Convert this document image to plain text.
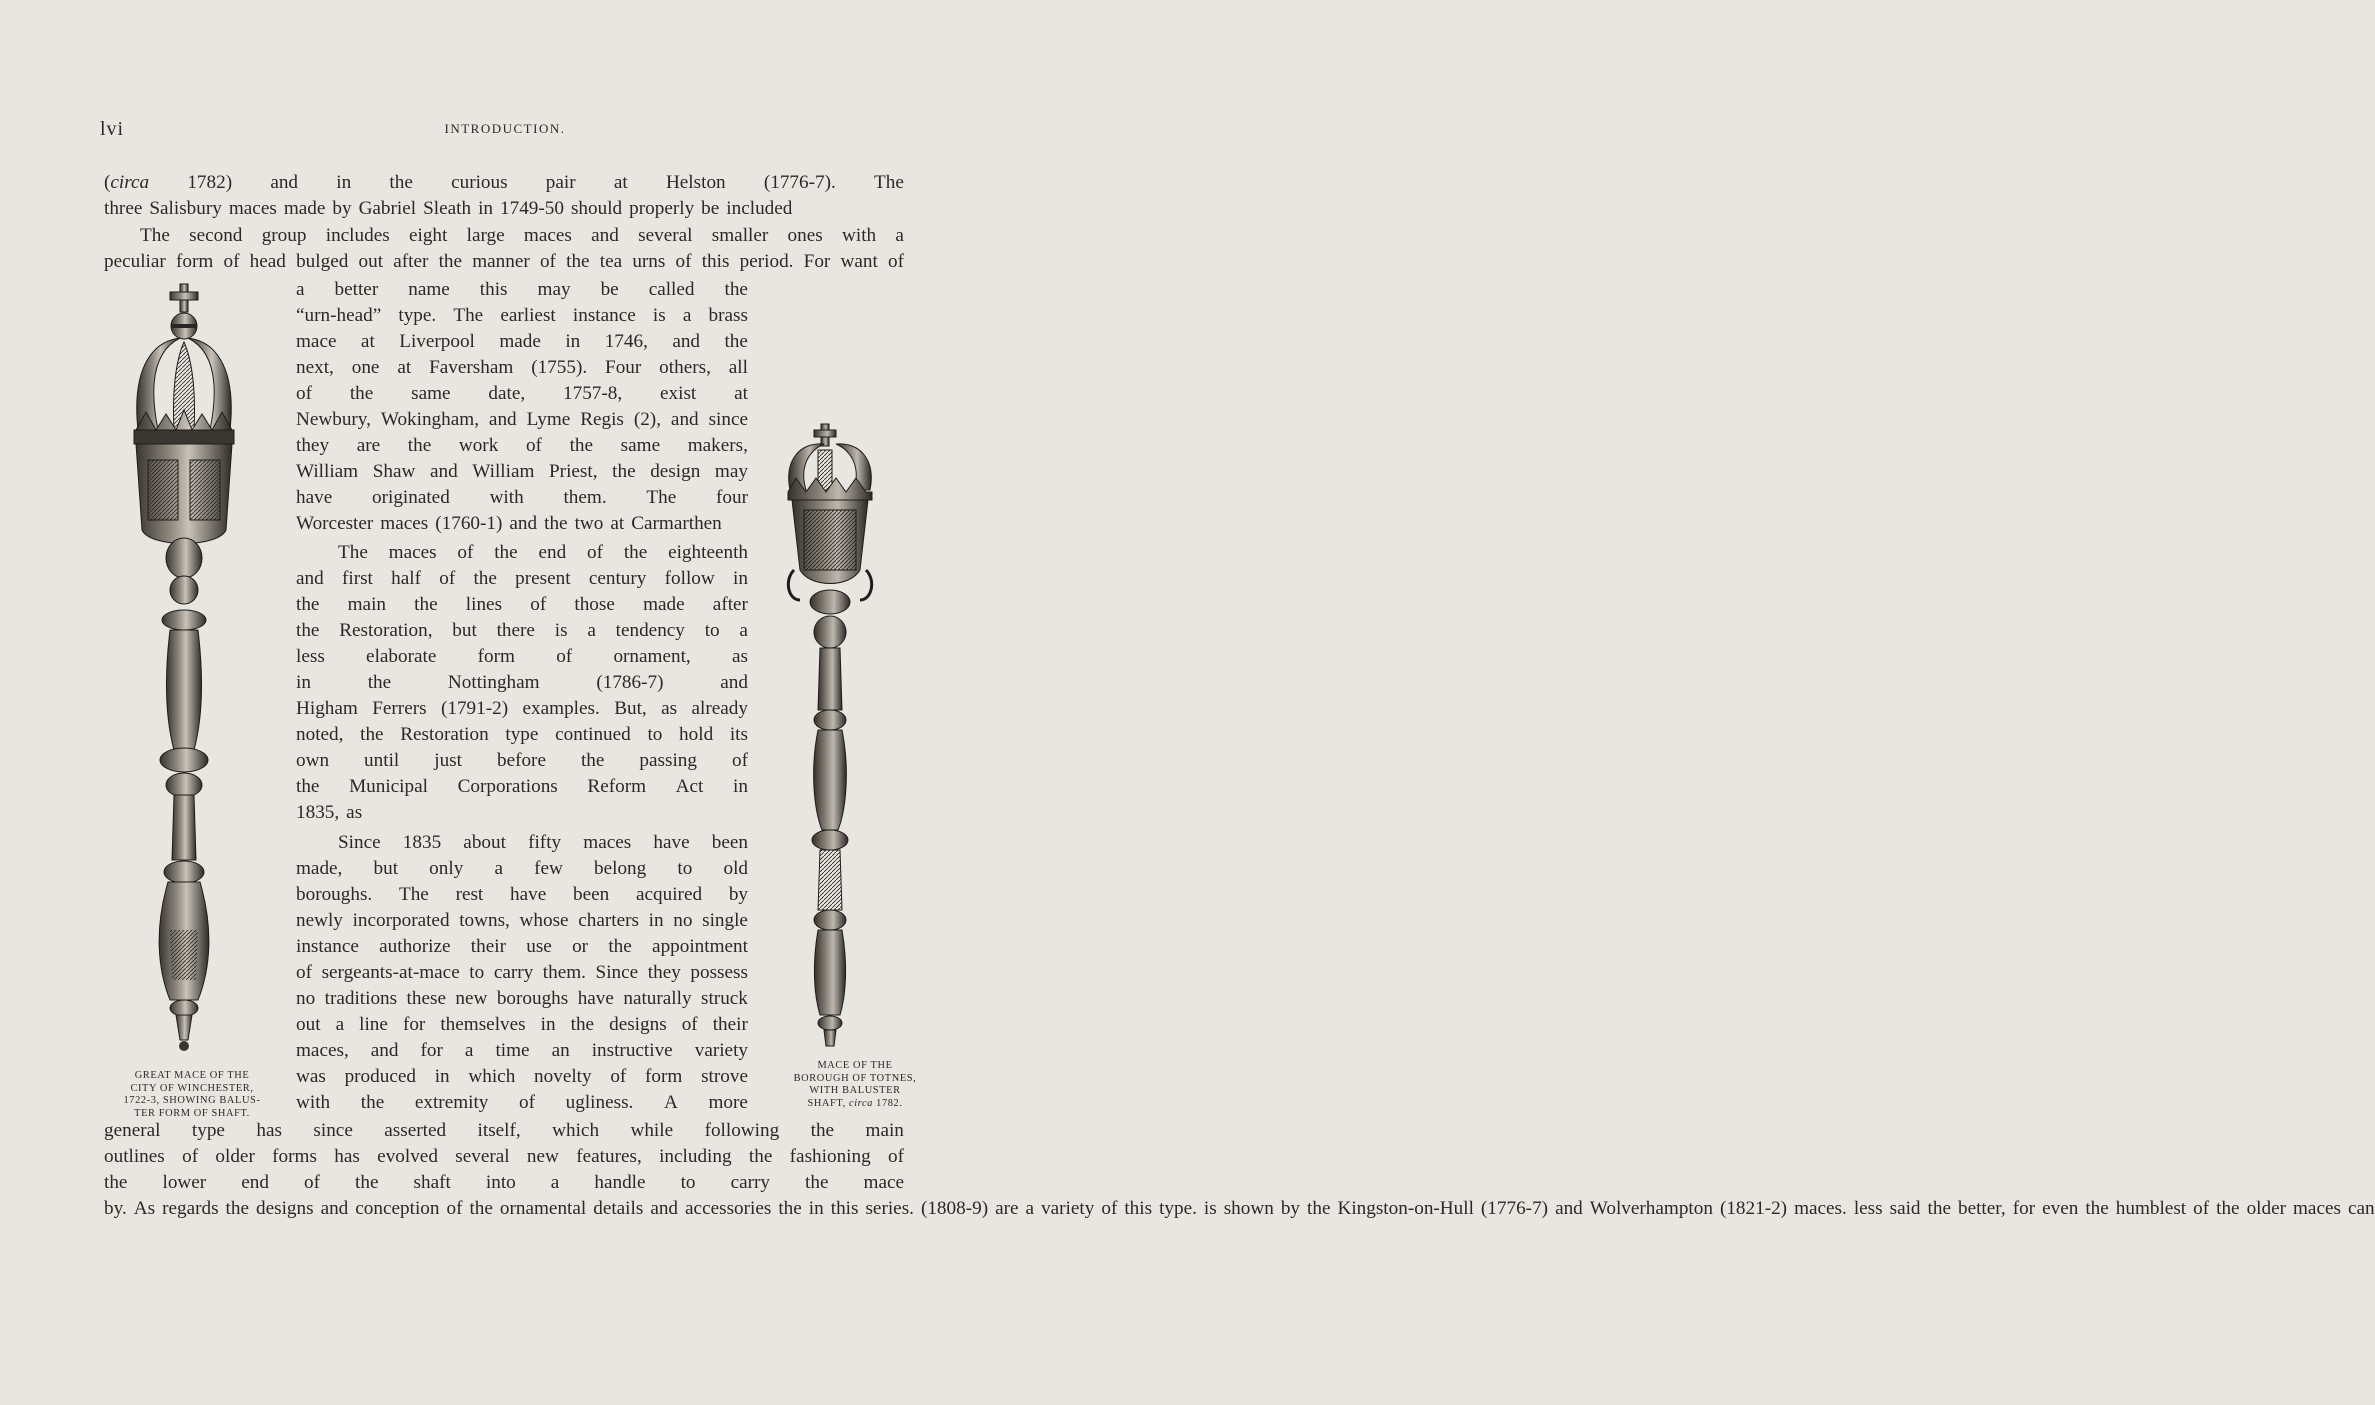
lvi	INTRODUCTION.
(circa 1782) and in the curious pair at Helston (1776-7). The
three Salisbury maces made by Gabriel Sleath in 1749-50 should properly be included
The second group includes eight large maces and several smaller ones with a
peculiar form of head bulged out after the manner of the tea urns of this period. For want of
a better name this may be called the
“urn-head” type. The earliest instance is a brass
mace at Liverpool made in 1746, and the
next, one at Faversham (1755). Four others, all
of the same date, 1757-8, exist at
Newbury, Wokingham, and Lyme Regis (2), and since
they are the work of the same makers,
William Shaw and William Priest, the design may
have originated with them. The four
Worcester maces (1760-1) and the two at Carmarthen
The maces of the end of the eighteenth
and first half of the present century follow in
the main the lines of those made after
the Restoration, but there is a tendency to a
less elaborate form of ornament, as
in	the	Nottingham	(1786-7)	and
Higham Ferrers (1791-2) examples. But, as already
noted, the Restoration type continued to hold its
own until just before the passing of
the Municipal Corporations Reform Act in
1835, as
Since 1835 about fifty maces have been
made, but only a few belong to old
boroughs. The rest have been acquired by
newly incorporated towns, whose charters in no single
instance authorize their use or the appointment
of sergeants-at-mace to carry them. Since they possess
no traditions these new boroughs have naturally struck
out a line for themselves in the designs of their
maces, and for a time an instructive variety
was produced in which novelty of form strove
with the extremity of ugliness. A more
general type has since asserted itself, which while following the main
outlines of older forms has evolved several new features, including the fashioning of
the lower end of the shaft into a handle to carry the mace
by. As regards the designs and conception of the ornamental details and accessories the in this series. (1808-9) are a variety of this type. is shown by the Kingston-on-Hull (1776-7) and Wolverhampton (1821-2) maces. less said the better, for even the humblest of the older maces can
GREAT MACE OF THE
CITY OF WINCHESTER,
1722-3, SHOWING BALUS-
TER FORM OF SHAFT.
MACE OF THE
BOROUGH OF TOTNES,
WITH BALUSTER
SHAFT, circa 1782.
